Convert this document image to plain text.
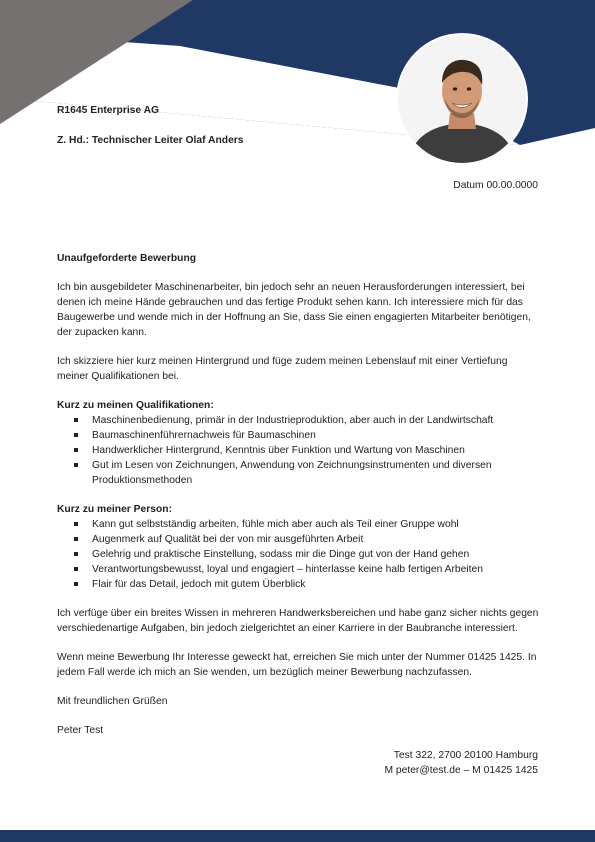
R1645 Enterprise AG
Z. Hd.: Technischer Leiter Olaf Anders
Datum 00.00.0000

Unaufgeforderte Bewerbung

Ich bin ausgebildeter Maschinenarbeiter, bin jedoch sehr an neuen Herausforderungen interessiert, bei denen ich meine Hände gebrauchen und das fertige Produkt sehen kann. Ich interessiere mich für das Baugewerbe und wende mich in der Hoffnung an Sie, dass Sie einen engagierten Mitarbeiter benötigen, der zupacken kann.

Ich skizziere hier kurz meinen Hintergrund und füge zudem meinen Lebenslauf mit einer Vertiefung meiner Qualifikationen bei.

Kurz zu meinen Qualifikationen:
Maschinenbedienung, primär in der Industrieproduktion, aber auch in der Landwirtschaft
Baumaschinenführernachweis für Baumaschinen
Handwerklicher Hintergrund, Kenntnis über Funktion und Wartung von Maschinen
Gut im Lesen von Zeichnungen, Anwendung von Zeichnungsinstrumenten und diversen Produktionsmethoden
Kurz zu meiner Person:
Kann gut selbstständig arbeiten, fühle mich aber auch als Teil einer Gruppe wohl
Augenmerk auf Qualität bei der von mir ausgeführten Arbeit
Gelehrig und praktische Einstellung, sodass mir die Dinge gut von der Hand gehen
Verantwortungsbewusst, loyal und engagiert – hinterlasse keine halb fertigen Arbeiten
Flair für das Detail, jedoch mit gutem Überblick

Ich verfüge über ein breites Wissen in mehreren Handwerksbereichen und habe ganz sicher nichts gegen verschiedenartige Aufgaben, bin jedoch zielgerichtet an einer Karriere in der Baubranche interessiert.

Wenn meine Bewerbung Ihr Interesse geweckt hat, erreichen Sie mich unter der Nummer 01425 1425. In jedem Fall werde ich mich an Sie wenden, um bezüglich meiner Bewerbung nachzufassen.

Mit freundlichen Grüßen

Peter Test

Test 322, 2700 20100 Hamburg
M peter@test.de – M 01425 1425
